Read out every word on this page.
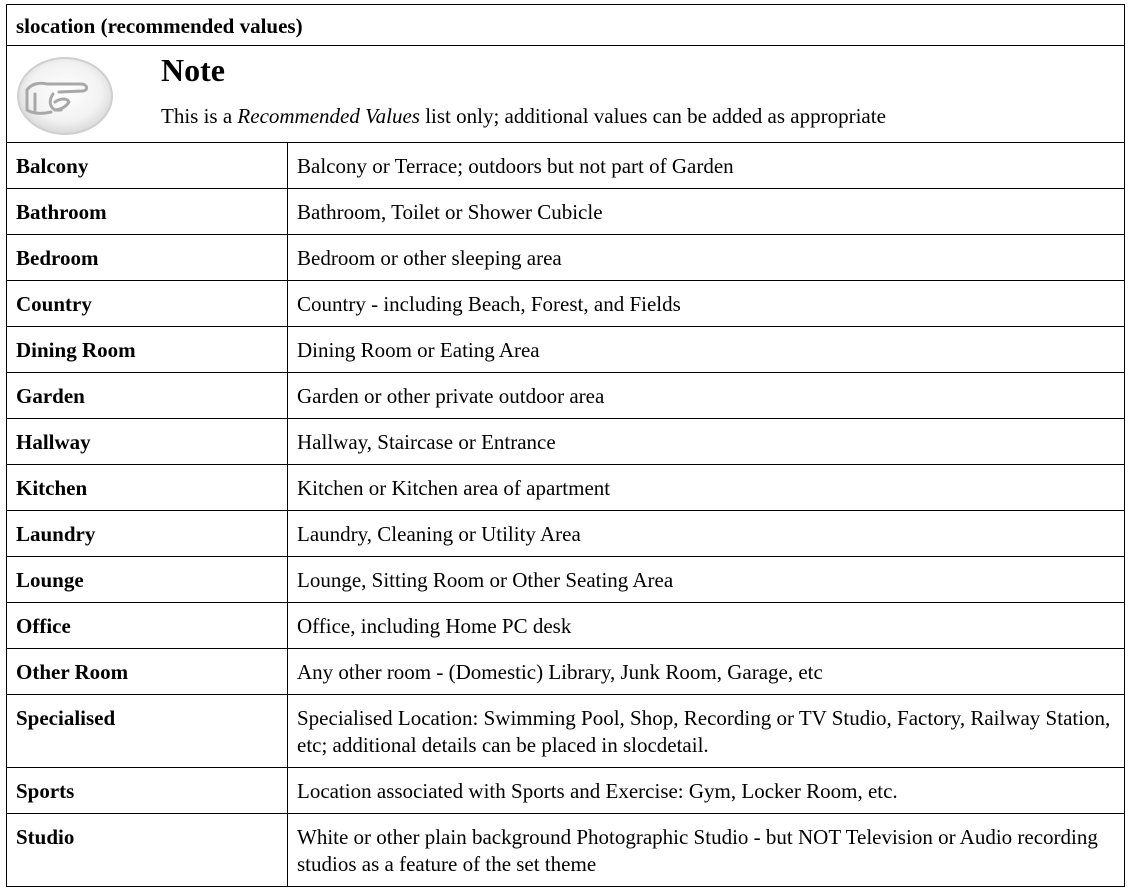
slocation (recommended values)	

Note
This is a Recommended Values list only; additional values can be added as appropriate	

Balcony	Balcony or Terrace; outdoors but not part of Garden
Bathroom	Bathroom, Toilet or Shower Cubicle
Bedroom	Bedroom or other sleeping area
Country	Country - including Beach, Forest, and Fields
Dining Room	Dining Room or Eating Area
Garden	Garden or other private outdoor area
Hallway	Hallway, Staircase or Entrance
Kitchen	Kitchen or Kitchen area of apartment
Laundry	Laundry, Cleaning or Utility Area
Lounge	Lounge, Sitting Room or Other Seating Area
Office	Office, including Home PC desk
Other Room	Any other room - (Domestic) Library, Junk Room, Garage, etc
Specialised	Specialised Location: Swimming Pool, Shop, Recording or TV Studio, Factory, Railway Station, etc; additional details can be placed in slocdetail.
Sports	Location associated with Sports and Exercise: Gym, Locker Room, etc.
Studio	White or other plain background Photographic Studio - but NOT Television or Audio recording studios as a feature of the set theme
